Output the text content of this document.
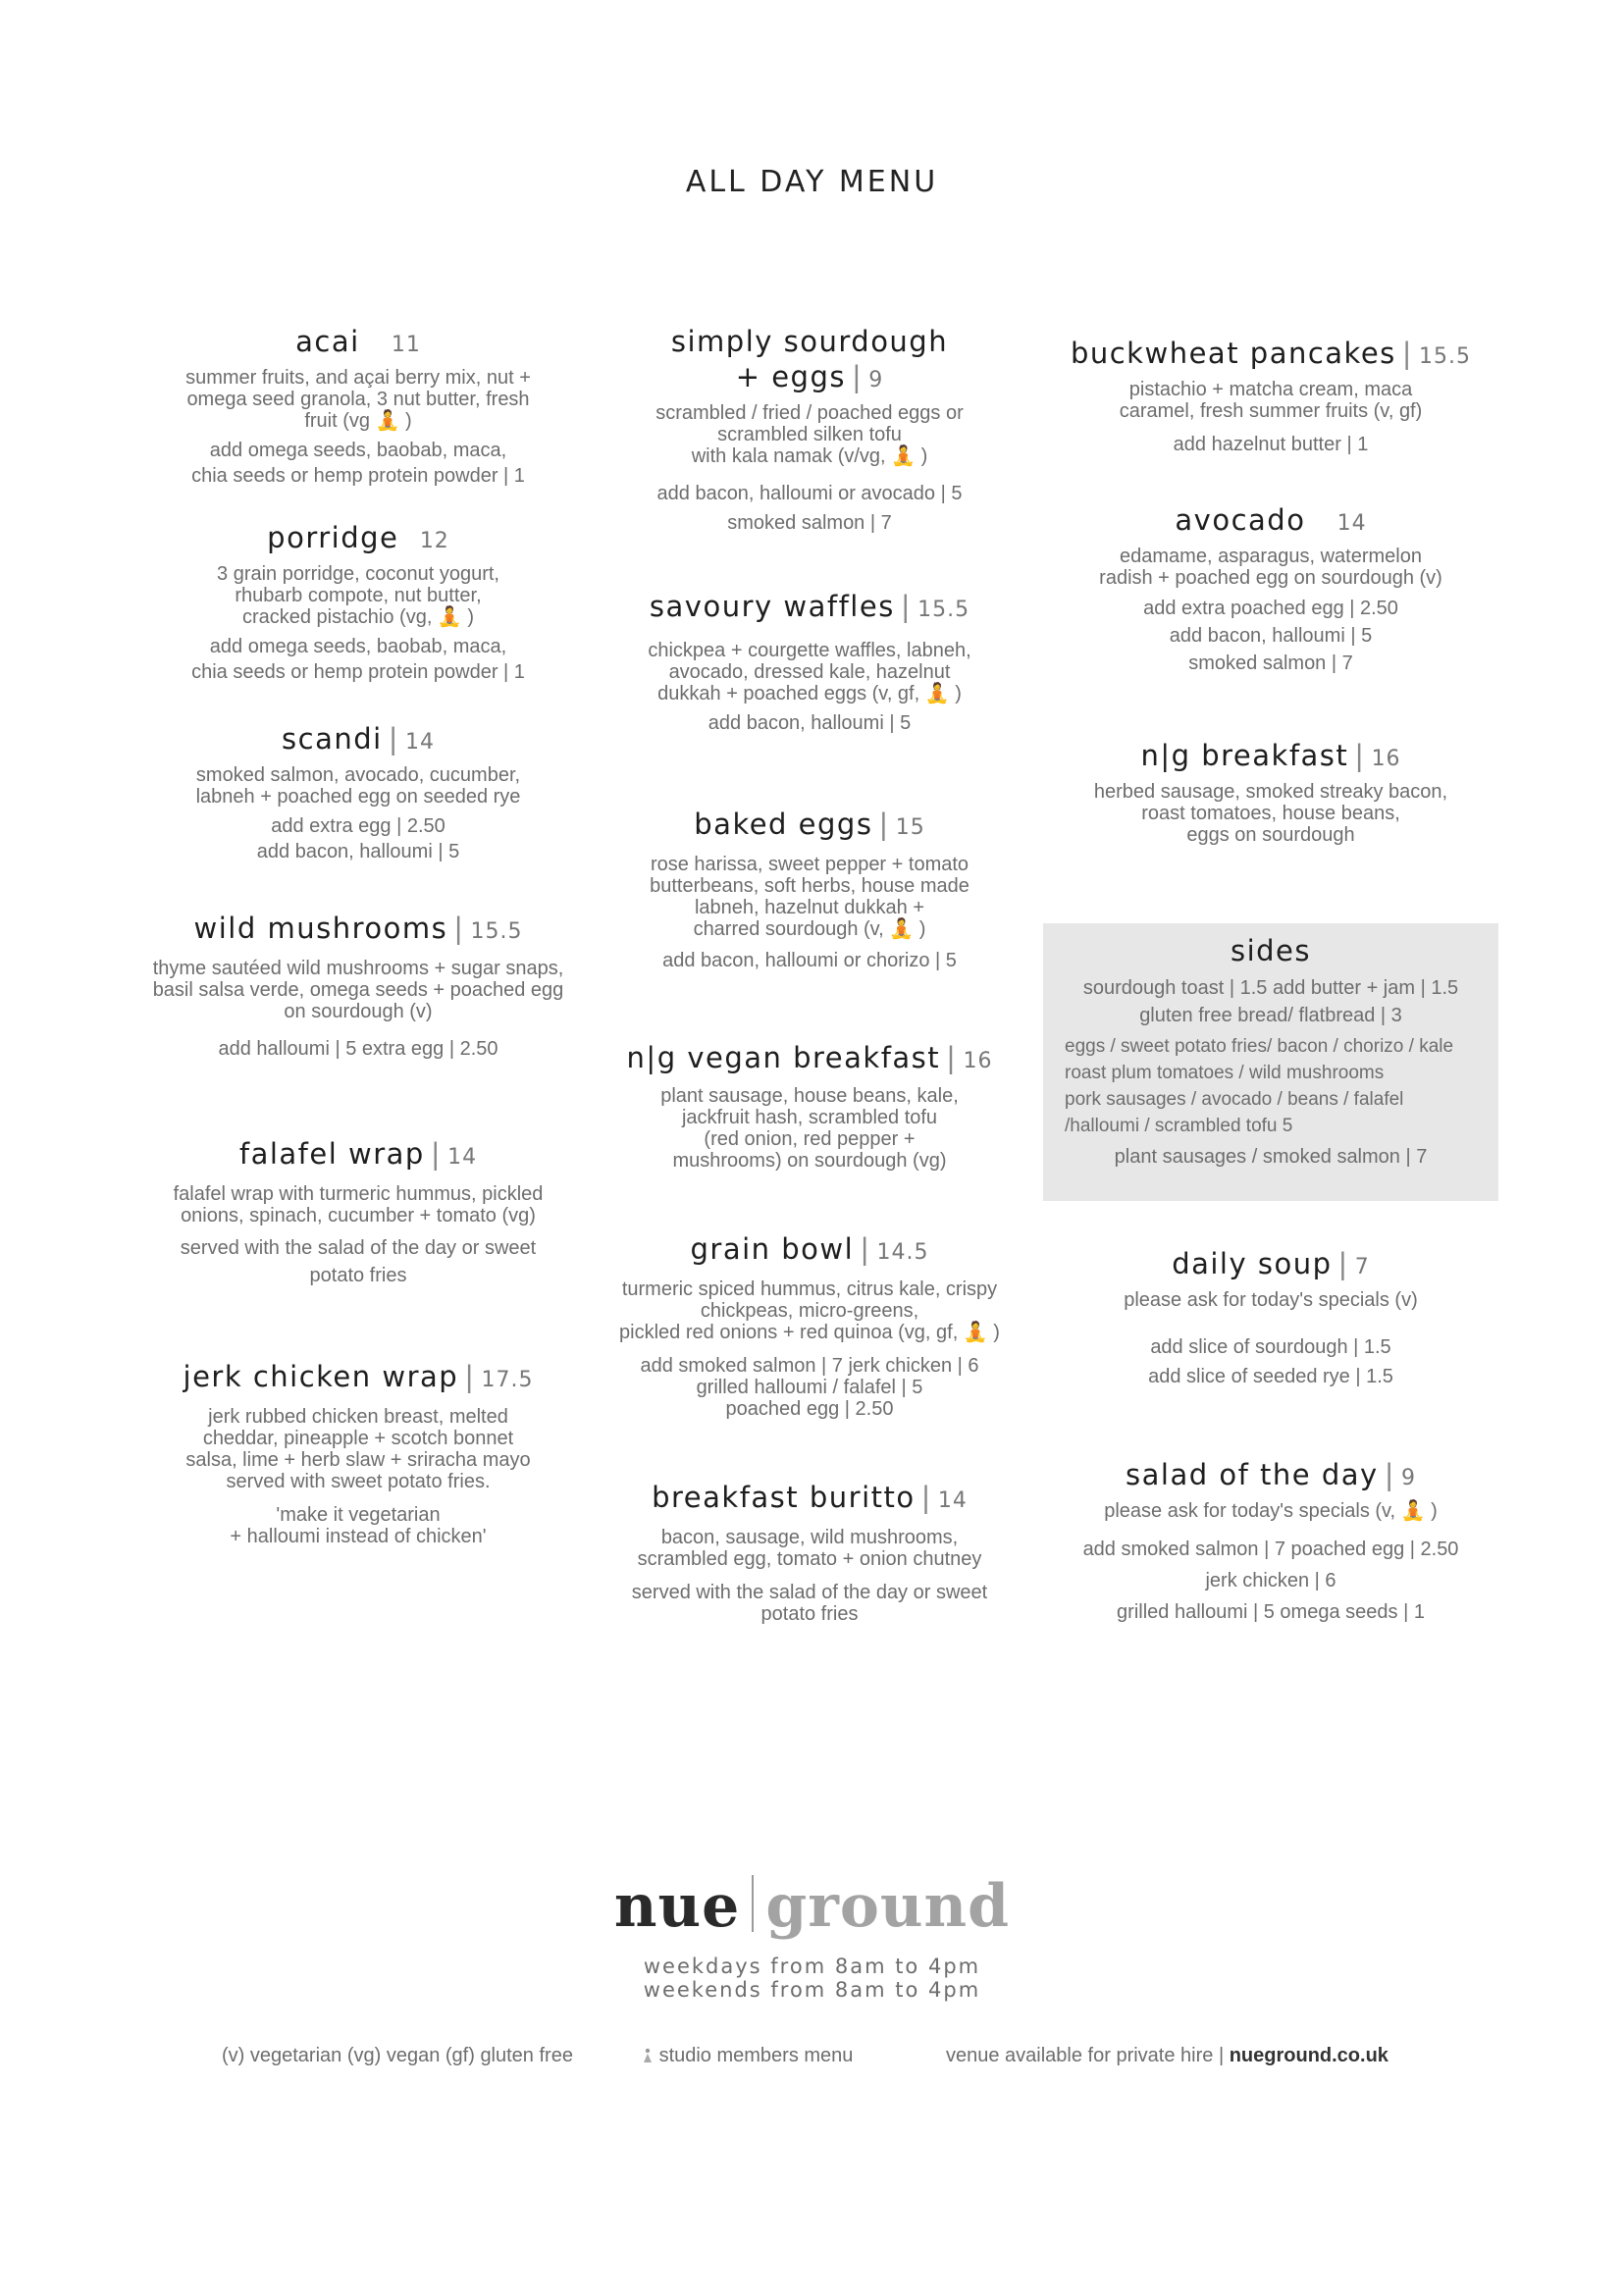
ALL DAY MENU
acai 11
summer fruits, and açai berry mix, nut +
omega seed granola, 3 nut butter, fresh
fruit (vg 🧘 )
add omega seeds, baobab, maca,
chia seeds or hemp protein powder | 1
porridge 12
3 grain porridge, coconut yogurt,
rhubarb compote, nut butter,
cracked pistachio (vg, 🧘 )
add omega seeds, baobab, maca,
chia seeds or hemp protein powder | 1
scandi | 14
smoked salmon, avocado, cucumber,
labneh + poached egg on seeded rye
add extra egg | 2.50
add bacon, halloumi | 5
wild mushrooms | 15.5
thyme sautéed wild mushrooms + sugar snaps,
basil salsa verde, omega seeds + poached egg
on sourdough (v)
add halloumi | 5 extra egg | 2.50
falafel wrap | 14
falafel wrap with turmeric hummus, pickled
onions, spinach, cucumber + tomato (vg)
served with the salad of the day or sweet
potato fries
jerk chicken wrap | 17.5
jerk rubbed chicken breast, melted
cheddar, pineapple + scotch bonnet
salsa, lime + herb slaw + sriracha mayo
served with sweet potato fries.
'make it vegetarian
+ halloumi instead of chicken'
simply sourdough
+ eggs | 9
scrambled / fried / poached eggs or
scrambled silken tofu
with kala namak (v/vg, 🧘 )
add bacon, halloumi or avocado | 5
smoked salmon | 7
savoury waffles | 15.5
chickpea + courgette waffles, labneh,
avocado, dressed kale, hazelnut
dukkah + poached eggs (v, gf, 🧘 )
add bacon, halloumi | 5
baked eggs | 15
rose harissa, sweet pepper + tomato
butterbeans, soft herbs, house made
labneh, hazelnut dukkah +
charred sourdough (v, 🧘 )
add bacon, halloumi or chorizo | 5
n|g vegan breakfast | 16
plant sausage, house beans, kale,
jackfruit hash, scrambled tofu
(red onion, red pepper +
mushrooms) on sourdough (vg)
grain bowl | 14.5
turmeric spiced hummus, citrus kale, crispy
chickpeas, micro-greens,
pickled red onions + red quinoa (vg, gf, 🧘 )
add smoked salmon | 7 jerk chicken | 6
grilled halloumi / falafel | 5
poached egg | 2.50
breakfast buritto | 14
bacon, sausage, wild mushrooms,
scrambled egg, tomato + onion chutney
served with the salad of the day or sweet
potato fries
buckwheat pancakes | 15.5
pistachio + matcha cream, maca
caramel, fresh summer fruits (v, gf)
add hazelnut butter | 1
avocado 14
edamame, asparagus, watermelon
radish + poached egg on sourdough (v)
add extra poached egg | 2.50
add bacon, halloumi | 5
smoked salmon | 7
n|g breakfast | 16
herbed sausage, smoked streaky bacon,
roast tomatoes, house beans,
eggs on sourdough
daily soup | 7
please ask for today's specials (v)
add slice of sourdough | 1.5
add slice of seeded rye | 1.5
salad of the day | 9
please ask for today's specials (v, 🧘 )
add smoked salmon | 7 poached egg | 2.50
jerk chicken | 6
grilled halloumi | 5 omega seeds | 1
sides
sourdough toast | 1.5 add butter + jam | 1.5
gluten free bread/ flatbread | 3
eggs / sweet potato fries/ bacon / chorizo / kale
roast plum tomatoes / wild mushrooms
pork sausages / avocado / beans / falafel
/halloumi / scrambled tofu 5
plant sausages / smoked salmon | 7
nue ground
weekdays from 8am to 4pm
weekends from 8am to 4pm
(v) vegetarian (vg) vegan (gf) gluten free	studio members menu	venue available for private hire | nueground.co.uk
